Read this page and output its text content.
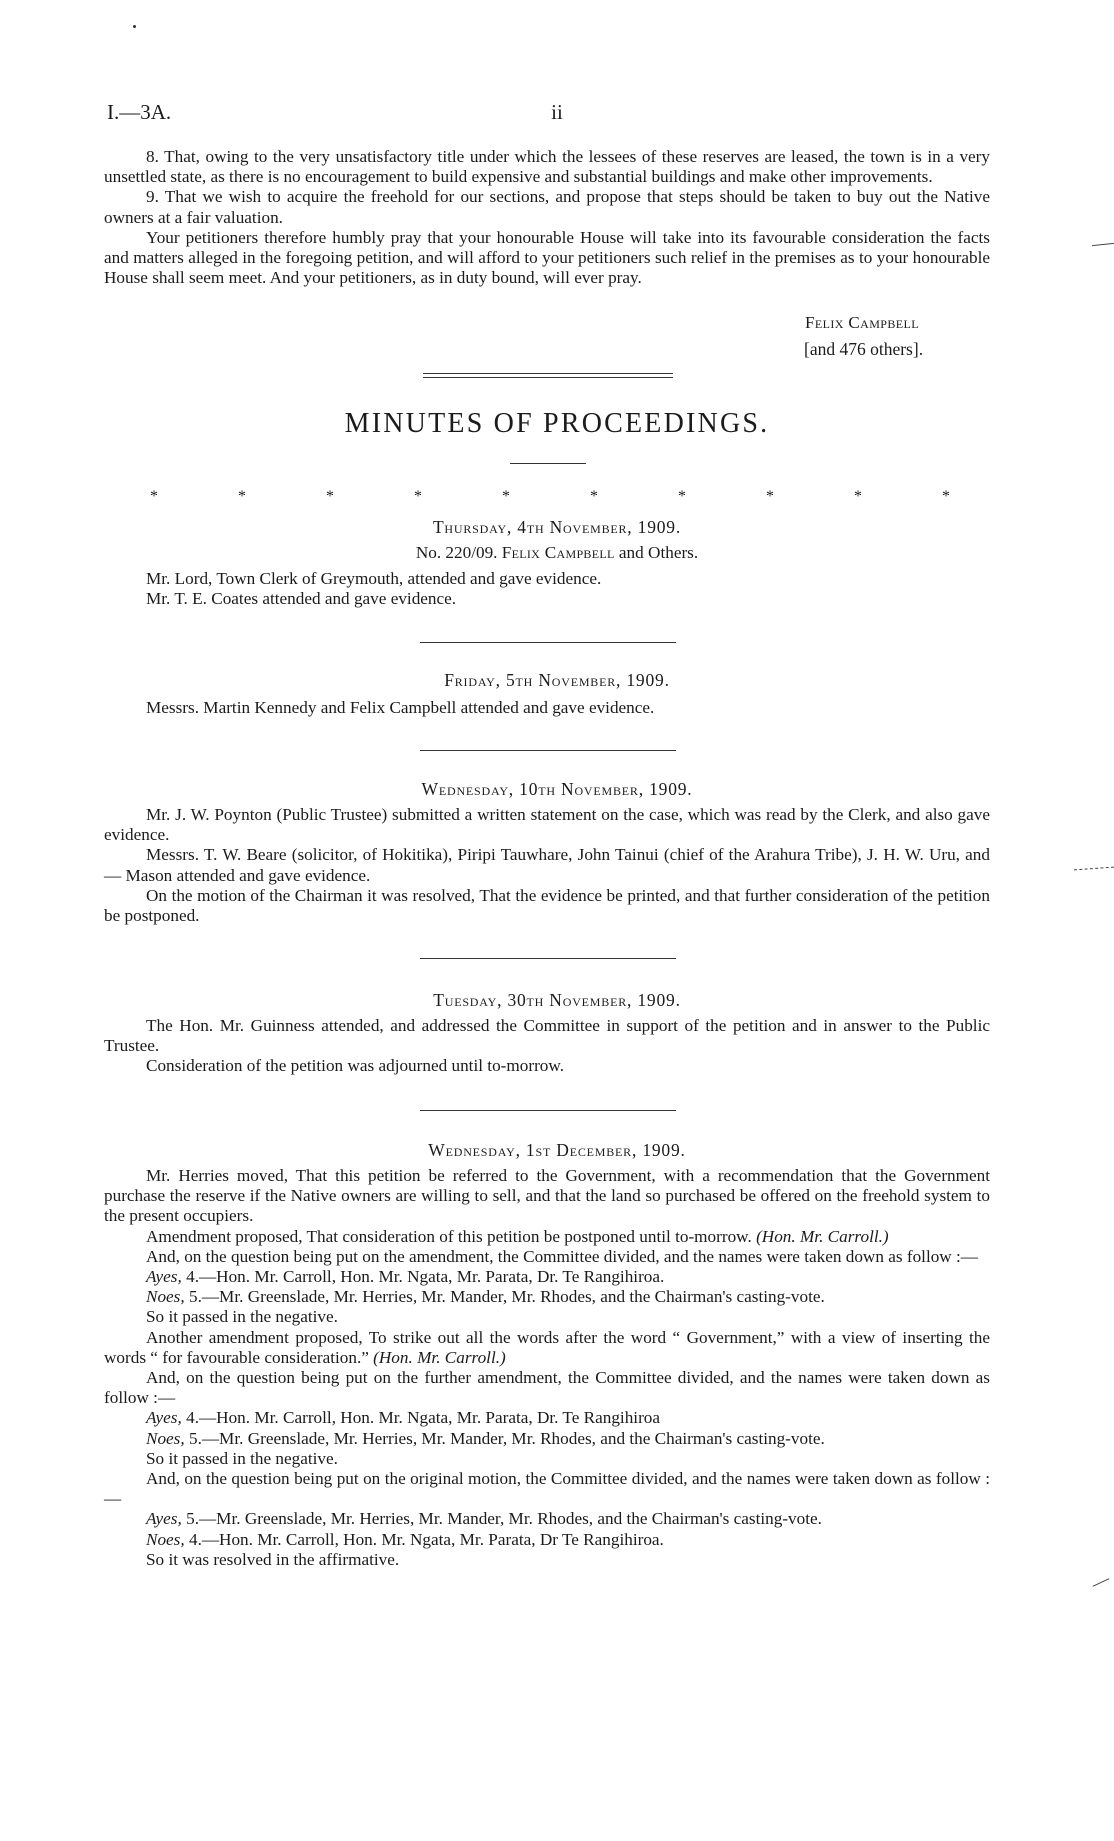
I.—3A.	ii

8. That, owing to the very unsatisfactory title under which the lessees of these reserves are leased, the town is in a very unsettled state, as there is no encouragement to build expensive and substantial buildings and make other improvements.

9. That we wish to acquire the freehold for our sections, and propose that steps should be taken to buy out the Native owners at a fair valuation.

Your petitioners therefore humbly pray that your honourable House will take into its favourable consideration the facts and matters alleged in the foregoing petition, and will afford to your petitioners such relief in the premises as to your honourable House shall seem meet. And your petitioners, as in duty bound, will ever pray.

Felix Campbell
[and 476 others].
MINUTES OF PROCEEDINGS.
*	*	*	*	*	*	*	*	*	*
Thursday, 4th November, 1909.
No. 220/09. Felix Campbell and Others.

Mr. Lord, Town Clerk of Greymouth, attended and gave evidence.

Mr. T. E. Coates attended and gave evidence.

Friday, 5th November, 1909.

Messrs. Martin Kennedy and Felix Campbell attended and gave evidence.

Wednesday, 10th November, 1909.

Mr. J. W. Poynton (Public Trustee) submitted a written statement on the case, which was read by the Clerk, and also gave evidence.

Messrs. T. W. Beare (solicitor, of Hokitika), Piripi Tauwhare, John Tainui (chief of the Arahura Tribe), J. H. W. Uru, and — Mason attended and gave evidence.

On the motion of the Chairman it was resolved, That the evidence be printed, and that further consideration of the petition be postponed.

Tuesday, 30th November, 1909.

The Hon. Mr. Guinness attended, and addressed the Committee in support of the petition and in answer to the Public Trustee.

Consideration of the petition was adjourned until to-morrow.

Wednesday, 1st December, 1909.

Mr. Herries moved, That this petition be referred to the Government, with a recommendation that the Government purchase the reserve if the Native owners are willing to sell, and that the land so purchased be offered on the freehold system to the present occupiers.

Amendment proposed, That consideration of this petition be postponed until to-morrow. (Hon. Mr. Carroll.)

And, on the question being put on the amendment, the Committee divided, and the names were taken down as follow :—

Ayes, 4.—Hon. Mr. Carroll, Hon. Mr. Ngata, Mr. Parata, Dr. Te Rangihiroa.

Noes, 5.—Mr. Greenslade, Mr. Herries, Mr. Mander, Mr. Rhodes, and the Chairman's casting-vote.

So it passed in the negative.

Another amendment proposed, To strike out all the words after the word “ Government,” with a view of inserting the words “ for favourable consideration.” (Hon. Mr. Carroll.)

And, on the question being put on the further amendment, the Committee divided, and the names were taken down as follow :—

Ayes, 4.—Hon. Mr. Carroll, Hon. Mr. Ngata, Mr. Parata, Dr. Te Rangihiroa

Noes, 5.—Mr. Greenslade, Mr. Herries, Mr. Mander, Mr. Rhodes, and the Chairman's casting-vote.

So it passed in the negative.

And, on the question being put on the original motion, the Committee divided, and the names were taken down as follow :—

Ayes, 5.—Mr. Greenslade, Mr. Herries, Mr. Mander, Mr. Rhodes, and the Chairman's casting-vote.

Noes, 4.—Hon. Mr. Carroll, Hon. Mr. Ngata, Mr. Parata, Dr Te Rangihiroa.

So it was resolved in the affirmative.
